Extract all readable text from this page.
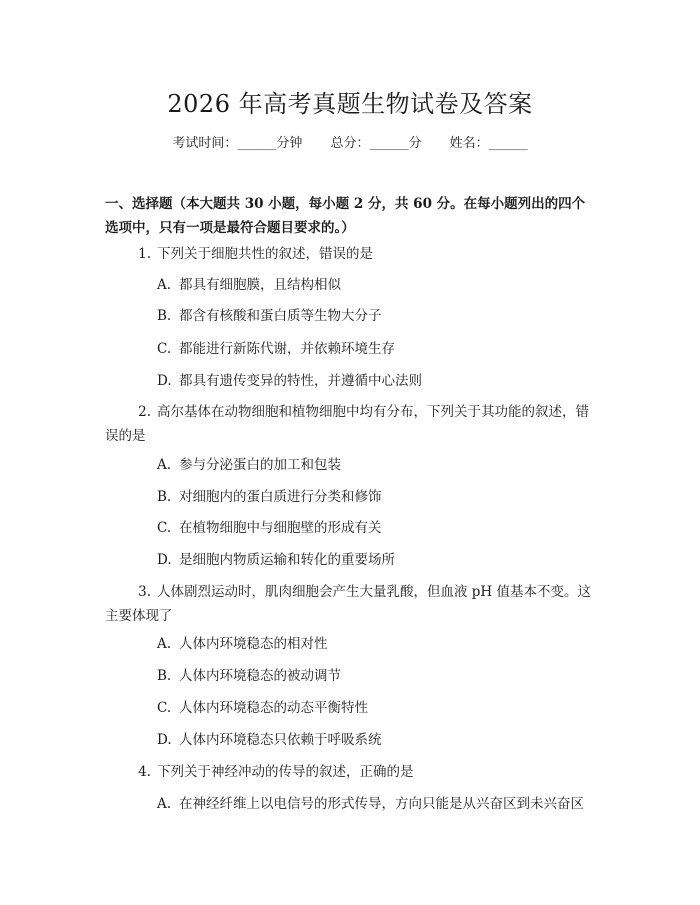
2026 年高考真题生物试卷及答案
考试时间：______分钟 总分：______分 姓名：______
一、选择题（本大题共 30 小题，每小题 2 分，共 60 分。在每小题列出的四个选项中，只有一项是最符合题目要求的。）
1. 下列关于细胞共性的叙述，错误的是
A. 都具有细胞膜，且结构相似
B. 都含有核酸和蛋白质等生物大分子
C. 都能进行新陈代谢，并依赖环境生存
D. 都具有遗传变异的特性，并遵循中心法则
2. 高尔基体在动物细胞和植物细胞中均有分布，下列关于其功能的叙述，错误的是
A. 参与分泌蛋白的加工和包装
B. 对细胞内的蛋白质进行分类和修饰
C. 在植物细胞中与细胞壁的形成有关
D. 是细胞内物质运输和转化的重要场所
3. 人体剧烈运动时，肌肉细胞会产生大量乳酸，但血液 pH 值基本不变。这主要体现了
A. 人体内环境稳态的相对性
B. 人体内环境稳态的被动调节
C. 人体内环境稳态的动态平衡特性
D. 人体内环境稳态只依赖于呼吸系统
4. 下列关于神经冲动的传导的叙述，正确的是
A. 在神经纤维上以电信号的形式传导，方向只能是从兴奋区到未兴奋区
